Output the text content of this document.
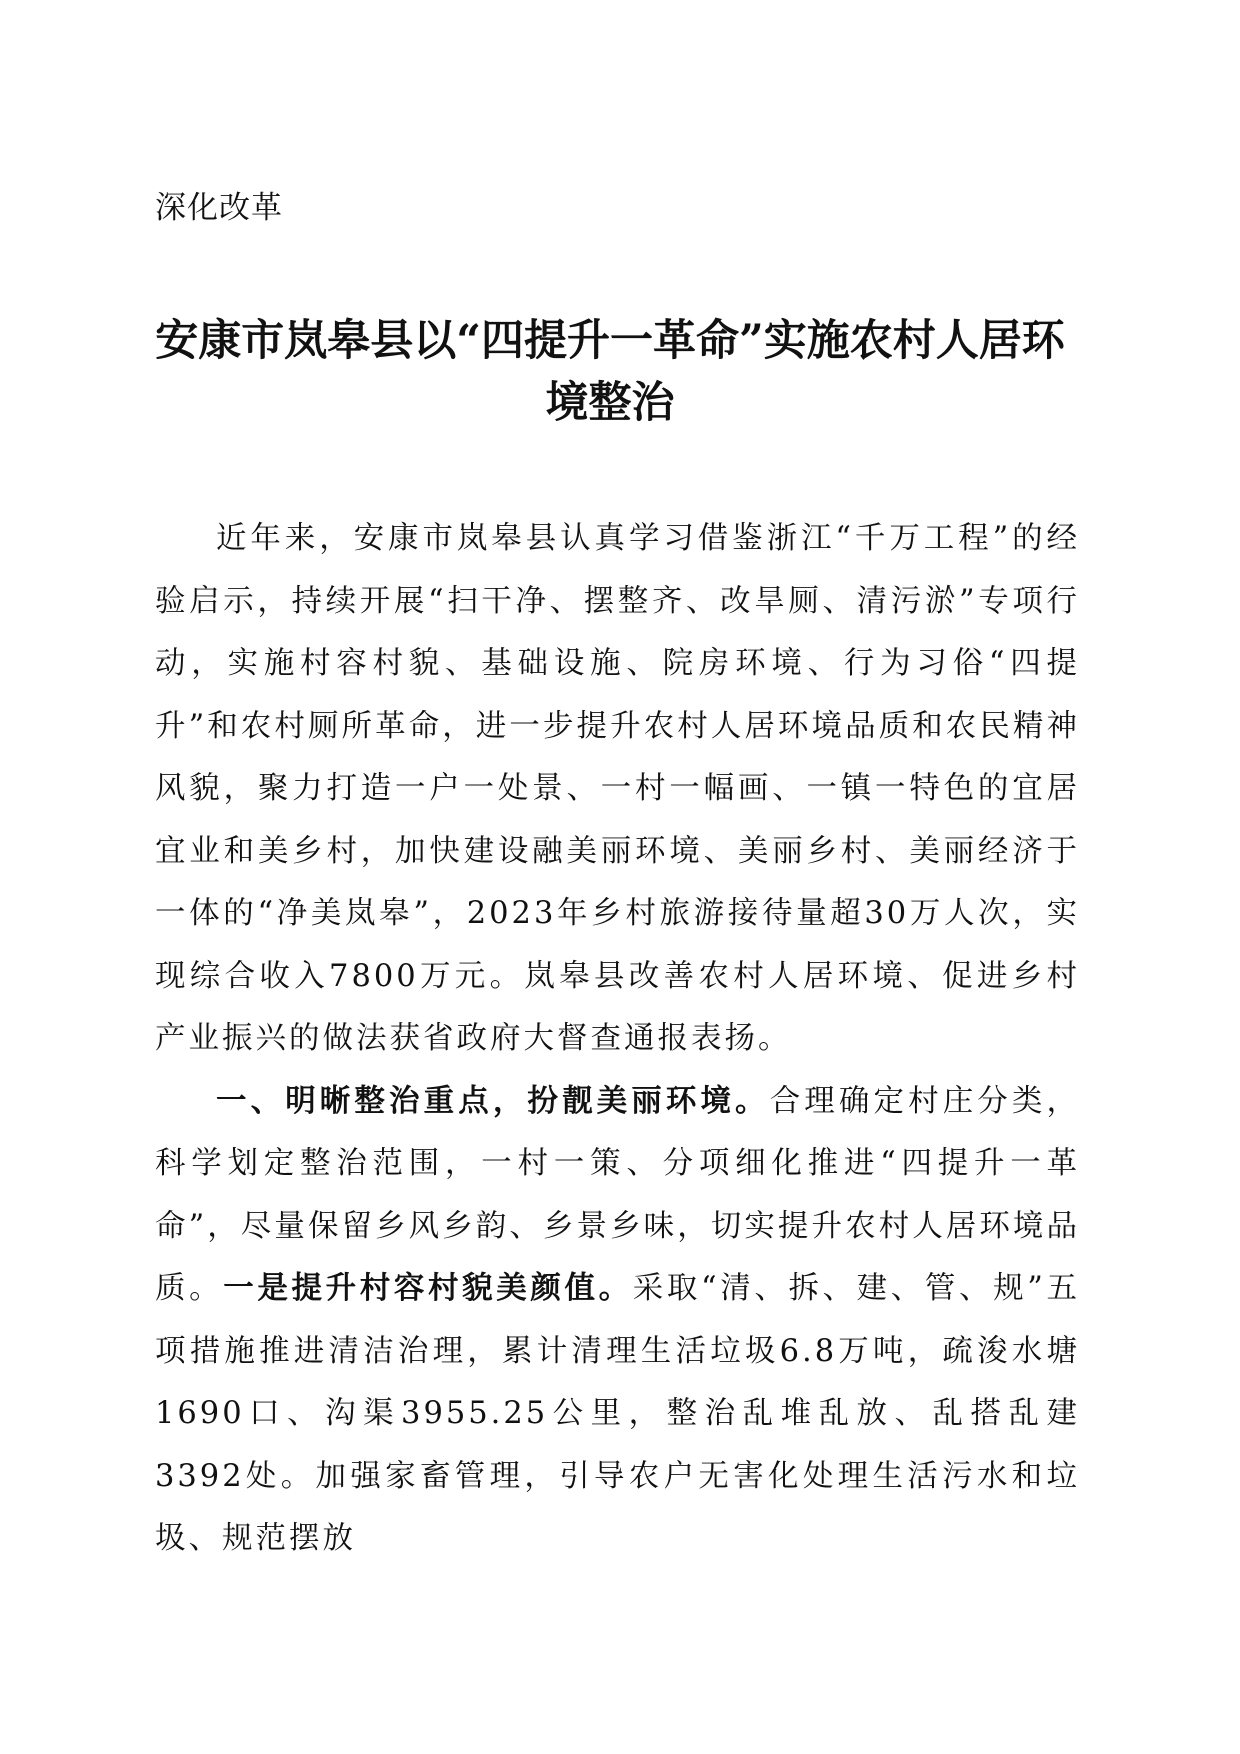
深化改革
安康市岚皋县以“四提升一革命”实施农村人居环境整治

近年来，安康市岚皋县认真学习借鉴浙江“千万工程”的经验启示，持续开展“扫干净、摆整齐、改旱厕、清污淤”专项行动，实施村容村貌、基础设施、院房环境、行为习俗“四提升”和农村厕所革命，进一步提升农村人居环境品质和农民精神风貌，聚力打造一户一处景、一村一幅画、一镇一特色的宜居宜业和美乡村，加快建设融美丽环境、美丽乡村、美丽经济于一体的“净美岚皋”，2023年乡村旅游接待量超30万人次，实现综合收入7800万元。岚皋县改善农村人居环境、促进乡村产业振兴的做法获省政府大督查通报表扬。

一、明晰整治重点，扮靓美丽环境。合理确定村庄分类，科学划定整治范围，一村一策、分项细化推进“四提升一革命”，尽量保留乡风乡韵、乡景乡味，切实提升农村人居环境品质。一是提升村容村貌美颜值。采取“清、拆、建、管、规”五项措施推进清洁治理，累计清理生活垃圾6.8万吨，疏浚水塘1690口、沟渠3955.25公里，整治乱堆乱放、乱搭乱建3392处。加强家畜管理，引导农户无害化处理生活污水和垃圾、规范摆放
